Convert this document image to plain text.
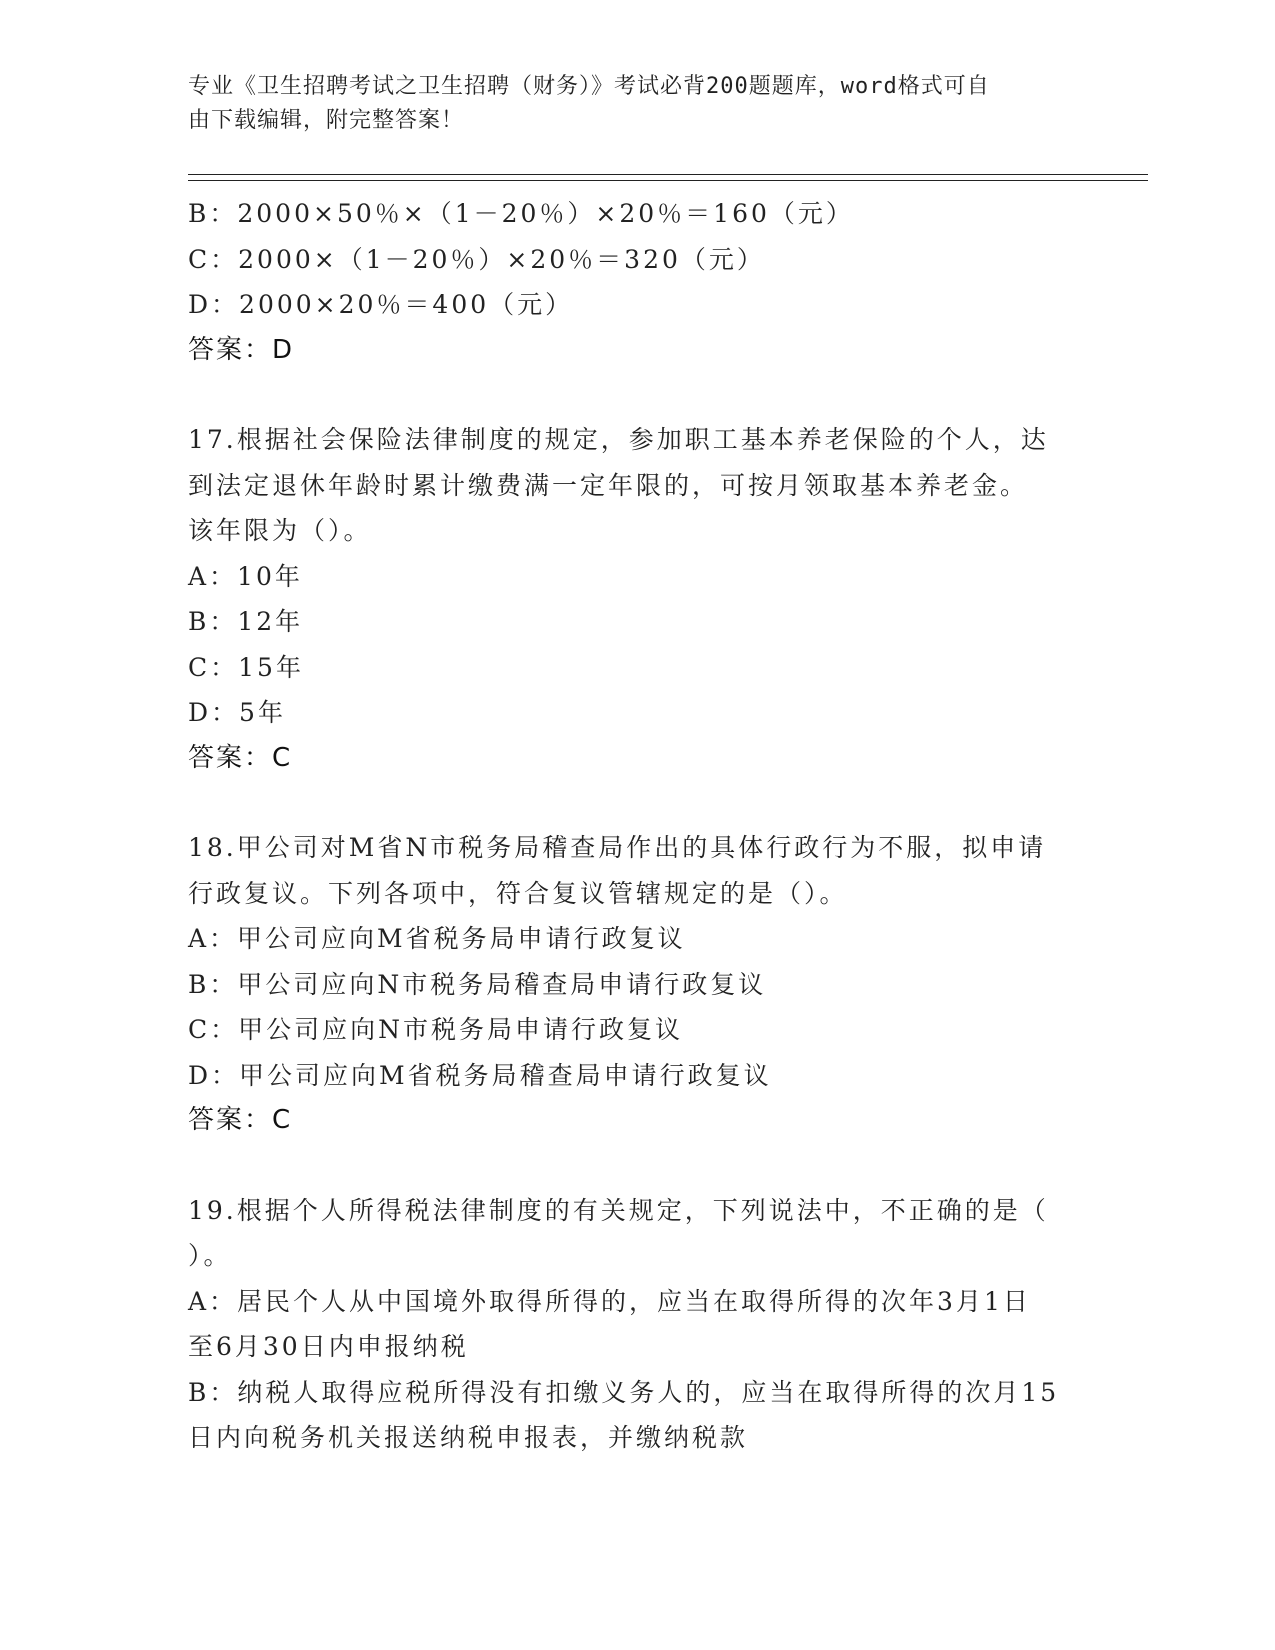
专业《卫生招聘考试之卫生招聘（财务）》考试必背200题题库，word格式可自
由下载编辑，附完整答案！
B：2000×50％×（1－20％）×20％＝160（元）
C：2000×（1－20％）×20％＝320（元）
D：2000×20％＝400（元）
答案：D
17.根据社会保险法律制度的规定，参加职工基本养老保险的个人，达
到法定退休年龄时累计缴费满一定年限的，可按月领取基本养老金。
该年限为（）。
A：10年
B：12年
C：15年
D：5年
答案：C
18.甲公司对M省N市税务局稽查局作出的具体行政行为不服，拟申请
行政复议。下列各项中，符合复议管辖规定的是（）。
A：甲公司应向M省税务局申请行政复议
B：甲公司应向N市税务局稽查局申请行政复议
C：甲公司应向N市税务局申请行政复议
D：甲公司应向M省税务局稽查局申请行政复议
答案：C
19.根据个人所得税法律制度的有关规定，下列说法中，不正确的是（
）。
A：居民个人从中国境外取得所得的，应当在取得所得的次年3月1日
至6月30日内申报纳税
B：纳税人取得应税所得没有扣缴义务人的，应当在取得所得的次月15
日内向税务机关报送纳税申报表，并缴纳税款
